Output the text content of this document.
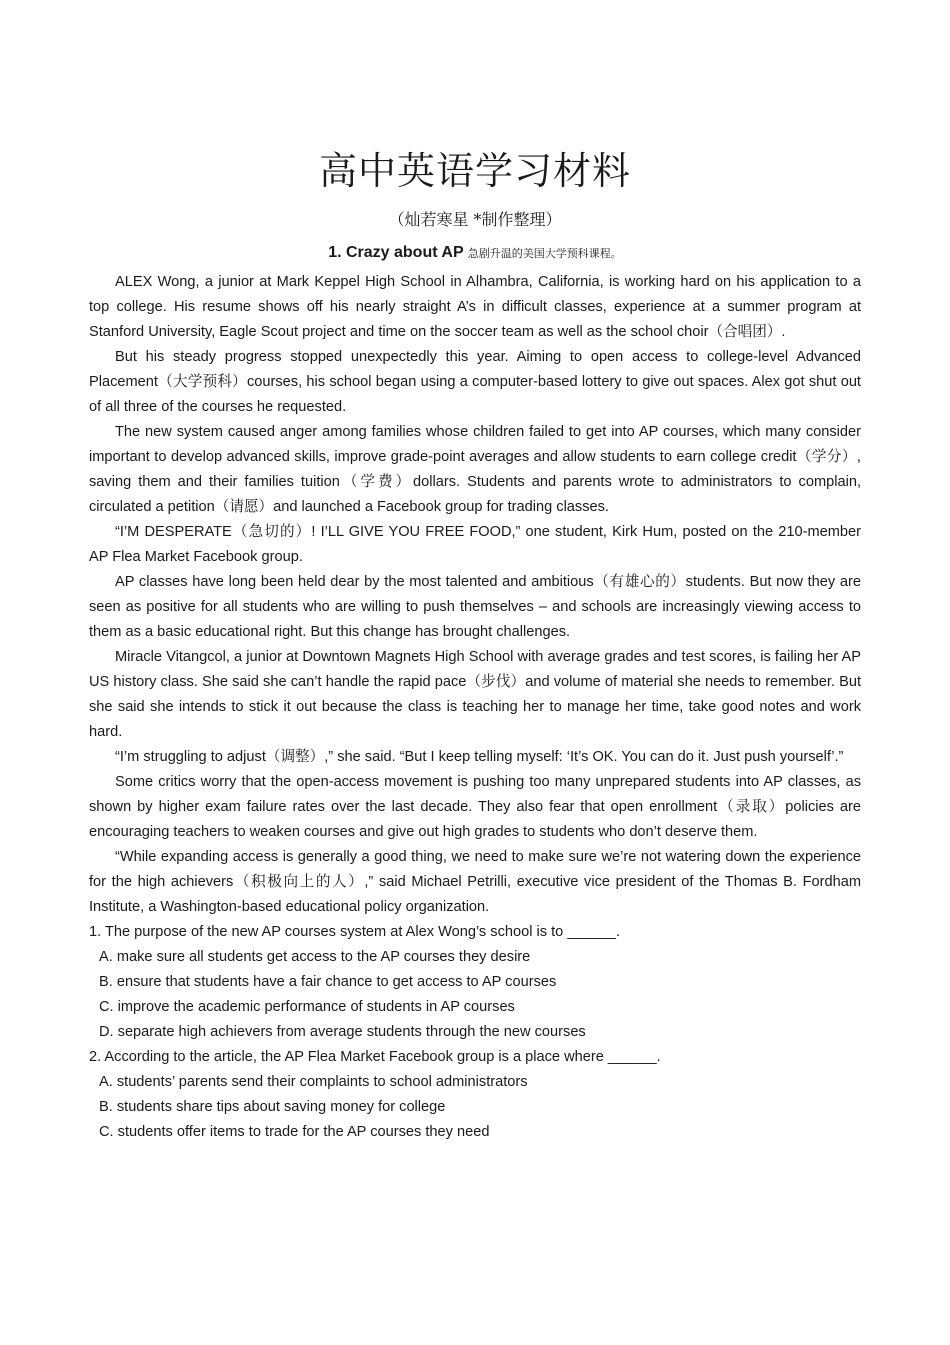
高中英语学习材料
（灿若寒星 *制作整理）
1. Crazy about AP 急剧升温的美国大学预科课程。

ALEX Wong, a junior at Mark Keppel High School in Alhambra, California, is working hard on his application to a top college. His resume shows off his nearly straight A’s in difficult classes, experience at a summer program at Stanford University, Eagle Scout project and time on the soccer team as well as the school choir（合唱团）.

But his steady progress stopped unexpectedly this year. Aiming to open access to college-level Advanced Placement（大学预科）courses, his school began using a computer-based lottery to give out spaces. Alex got shut out of all three of the courses he requested.

The new system caused anger among families whose children failed to get into AP courses, which many consider important to develop advanced skills, improve grade-point averages and allow students to earn college credit（学分）, saving them and their families tuition（学费）dollars. Students and parents wrote to administrators to complain, circulated a petition（请愿）and launched a Facebook group for trading classes.

“I’M DESPERATE（急切的）! I’LL GIVE YOU FREE FOOD,” one student, Kirk Hum, posted on the 210-member AP Flea Market Facebook group.

AP classes have long been held dear by the most talented and ambitious（有雄心的）students. But now they are seen as positive for all students who are willing to push themselves – and schools are increasingly viewing access to them as a basic educational right. But this change has brought challenges.

Miracle Vitangcol, a junior at Downtown Magnets High School with average grades and test scores, is failing her AP US history class. She said she can’t handle the rapid pace（步伐）and volume of material she needs to remember. But she said she intends to stick it out because the class is teaching her to manage her time, take good notes and work hard.

“I’m struggling to adjust（调整）,” she said. “But I keep telling myself: ‘It’s OK. You can do it. Just push yourself’.”

Some critics worry that the open-access movement is pushing too many unprepared students into AP classes, as shown by higher exam failure rates over the last decade. They also fear that open enrollment（录取）policies are encouraging teachers to weaken courses and give out high grades to students who don’t deserve them.

“While expanding access is generally a good thing, we need to make sure we’re not watering down the experience for the high achievers（积极向上的人）,” said Michael Petrilli, executive vice president of the Thomas B. Fordham Institute, a Washington-based educational policy organization.

1. The purpose of the new AP courses system at Alex Wong’s school is to ______.

A. make sure all students get access to the AP courses they desire

B. ensure that students have a fair chance to get access to AP courses

C. improve the academic performance of students in AP courses

D. separate high achievers from average students through the new courses

2. According to the article, the AP Flea Market Facebook group is a place where ______.

A. students’ parents send their complaints to school administrators

B. students share tips about saving money for college

C. students offer items to trade for the AP courses they need
